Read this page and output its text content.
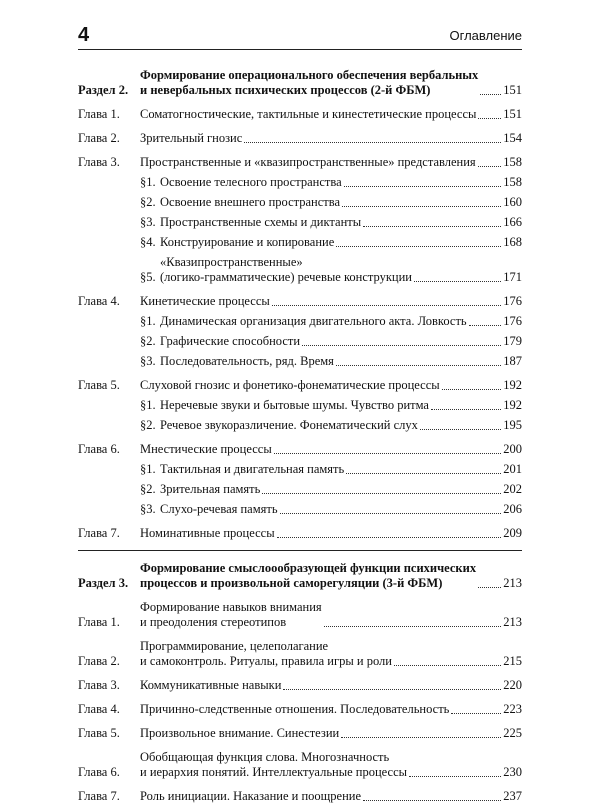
4	Оглавление
Раздел 2.
Формирование операционального обеспечения вербальных
и невербальных психических процессов (2-й ФБМ)	151
Глава 1.	Соматогностические, тактильные и кинестетические процессы 151
Глава 2.	Зрительный гнозис	154
Глава 3.	Пространственные и «квазипространственные» представления 158
§1. Освоение телесного пространства	158
§2. Освоение внешнего пространства	160
§3. Пространственные схемы и диктанты	166
§4. Конструирование и копирование	168
§5.
«Квазипространственные»
(логико-грамматические) речевые конструкции	171
Глава 4.	Кинетические процессы	176
§1. Динамическая организация двигательного акта. Ловкость	176
§2. Графические способности	179
§3. Последовательность, ряд. Время	187
Глава 5.	Слуховой гнозис и фонетико-фонематические процессы	192
§1. Неречевые звуки и бытовые шумы. Чувство ритма	192
§2. Речевое звукоразличение. Фонематический слух	195
Глава 6.	Мнестические процессы	200
§1. Тактильная и двигательная память	201
§2. Зрительная память	202
§3. Слухо-речевая память	206
Глава 7.	Номинативные процессы	209
Раздел 3.
Формирование смыслоообразующей функции психических
процессов и произвольной саморегуляции (3-й ФБМ)	213
Глава 1.
Формирование навыков внимания
и преодоления стереотипов	213
Глава 2.
Программирование, целеполагание
и самоконтроль. Ритуалы, правила игры и роли	215
Глава 3.	Коммуникативные навыки	220
Глава 4.	Причинно-следственные отношения. Последовательность	223
Глава 5.	Произвольное внимание. Синестезии	225
Глава 6.
Обобщающая функция слова. Многозначность
и иерархия понятий. Интеллектуальные процессы	230
Глава 7.	Роль инициации. Наказание и поощрение	237
